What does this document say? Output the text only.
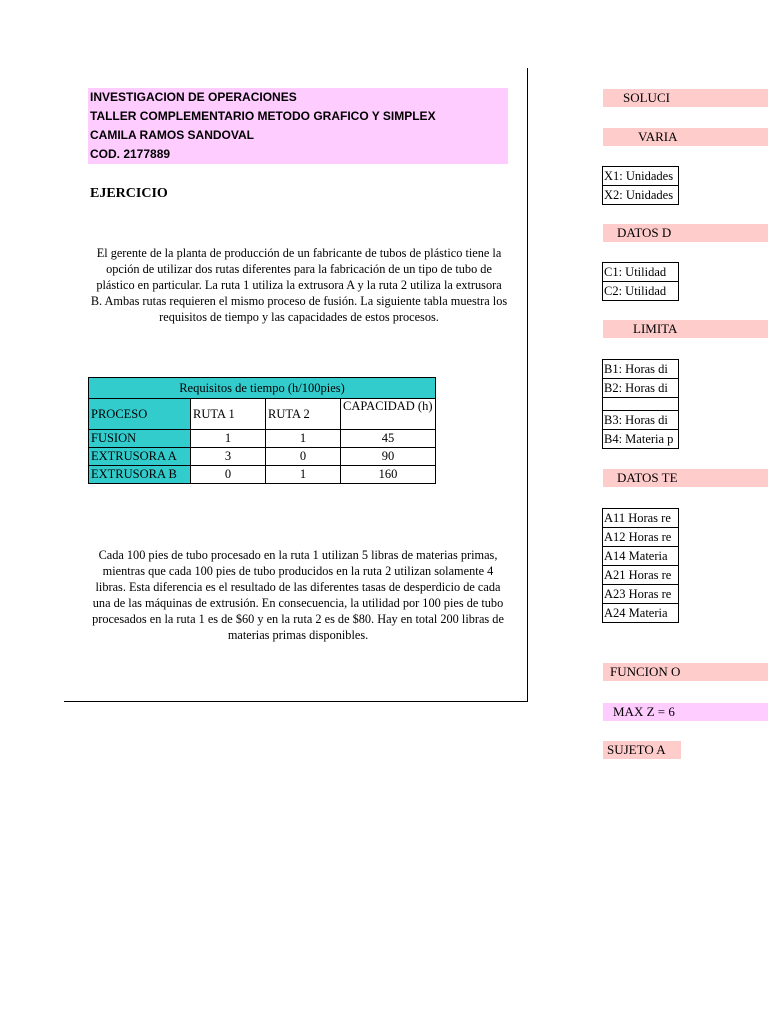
INVESTIGACION DE OPERACIONES
TALLER COMPLEMENTARIO METODO GRAFICO Y SIMPLEX
CAMILA RAMOS SANDOVAL
COD. 2177889
EJERCICIO
El gerente de la planta de producción de un fabricante de tubos de plástico tiene la opción de utilizar dos rutas diferentes para la fabricación de un tipo de tubo de plástico en particular. La ruta 1 utiliza la extrusora A y la ruta 2 utiliza la extrusora B. Ambas rutas requieren el mismo proceso de fusión. La siguiente tabla muestra los requisitos de tiempo y las capacidades de estos procesos.
Requisitos de tiempo (h/100pies)			
PROCESO	RUTA 1	RUTA 2	CAPACIDAD (h)
FUSION	1	1	45
EXTRUSORA A	3	0	90
EXTRUSORA B	0	1	160
Cada 100 pies de tubo procesado en la ruta 1 utilizan 5 libras de materias primas, mientras que cada 100 pies de tubo producidos en la ruta 2 utilizan solamente 4 libras. Esta diferencia es el resultado de las diferentes tasas de desperdicio de cada una de las máquinas de extrusión. En consecuencia, la utilidad por 100 pies de tubo procesados en la ruta 1 es de $60 y en la ruta 2 es de $80. Hay en total 200 libras de materias primas disponibles.
SOLUCI
VARIA
X1: Unidades
X2: Unidades
DATOS D
C1: Utilidad
C2: Utilidad
LIMITA
B1: Horas di
B2: Horas di
B3: Horas di
B4: Materia p
DATOS TE
A11 Horas re
A12 Horas re
A14 Materia
A21 Horas re
A23 Horas re
A24 Materia
FUNCION O
MAX Z = 6
SUJETO A
